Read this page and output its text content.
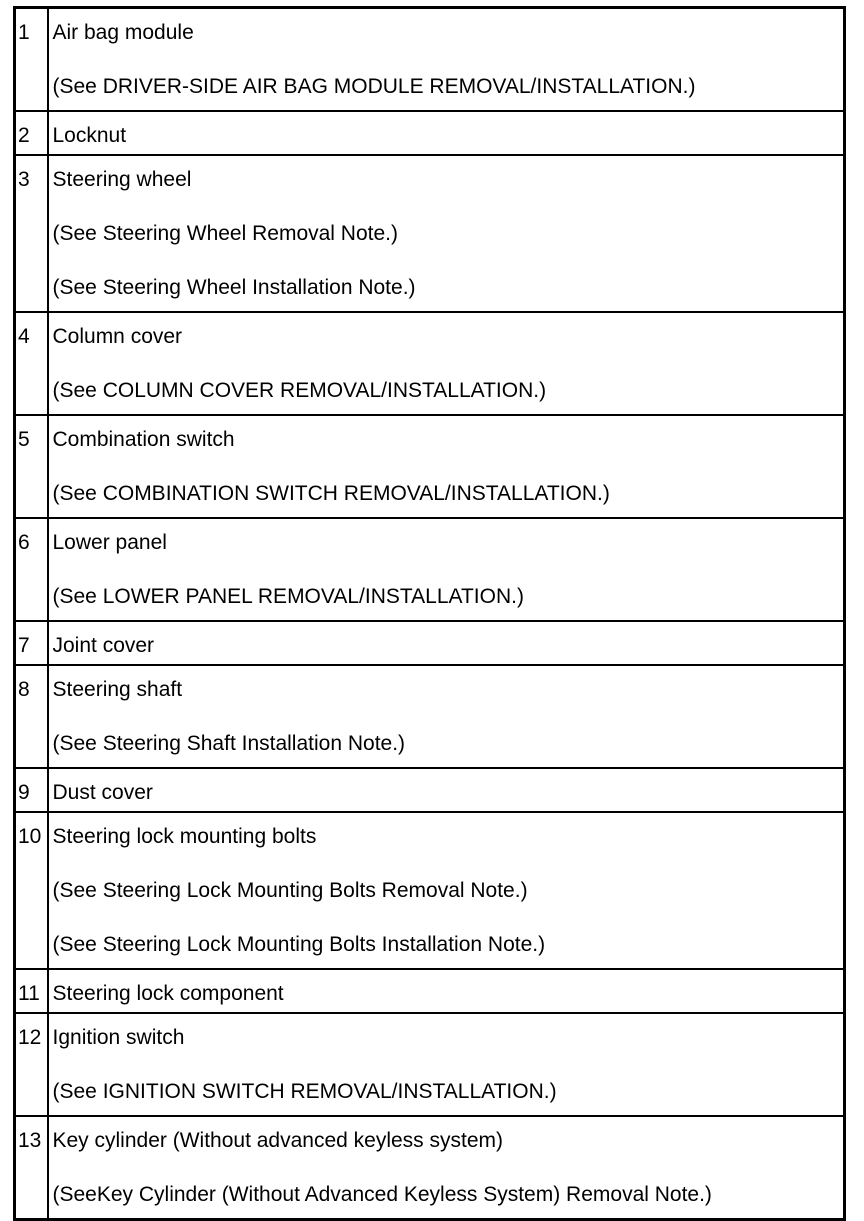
1	Air bag module
(See DRIVER-SIDE AIR BAG MODULE REMOVAL/INSTALLATION.)

2	Locknut

3	Steering wheel
(See Steering Wheel Removal Note.)
(See Steering Wheel Installation Note.)

4	Column cover
(See COLUMN COVER REMOVAL/INSTALLATION.)

5	Combination switch
(See COMBINATION SWITCH REMOVAL/INSTALLATION.)

6	Lower panel
(See LOWER PANEL REMOVAL/INSTALLATION.)

7	Joint cover

8	Steering shaft
(See Steering Shaft Installation Note.)

9	Dust cover

10	Steering lock mounting bolts
(See Steering Lock Mounting Bolts Removal Note.)
(See Steering Lock Mounting Bolts Installation Note.)

11	Steering lock component

12	Ignition switch
(See IGNITION SWITCH REMOVAL/INSTALLATION.)

13	Key cylinder (Without advanced keyless system)
(SeeKey Cylinder (Without Advanced Keyless System) Removal Note.)
